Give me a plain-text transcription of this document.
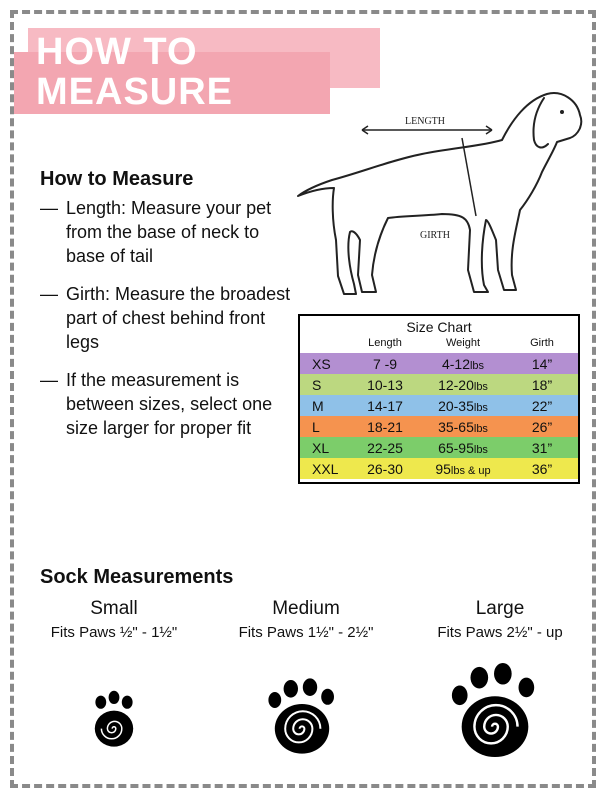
HOW TO
MEASURE
LENGTH
GIRTH
How to Measure
— Length: Measure your pet from the base of neck to base of tail
— Girth: Measure the broadest part of chest behind front legs
— If the measurement is between sizes, select one size larger for proper fit
Size Chart
Length	Weight	Girth
XS	7 -9	4-12lbs	14”
S	10-13	12-20lbs	18”
M	14-17	20-35lbs	22”
L	18-21	35-65lbs	26”
XL	22-25	65-95lbs	31”
XXL	26-30	95lbs & up	36”
Sock Measurements
Small
Fits Paws ½" - 1½"
Medium
Fits Paws 1½" - 2½"
Large
Fits Paws 2½" - up
